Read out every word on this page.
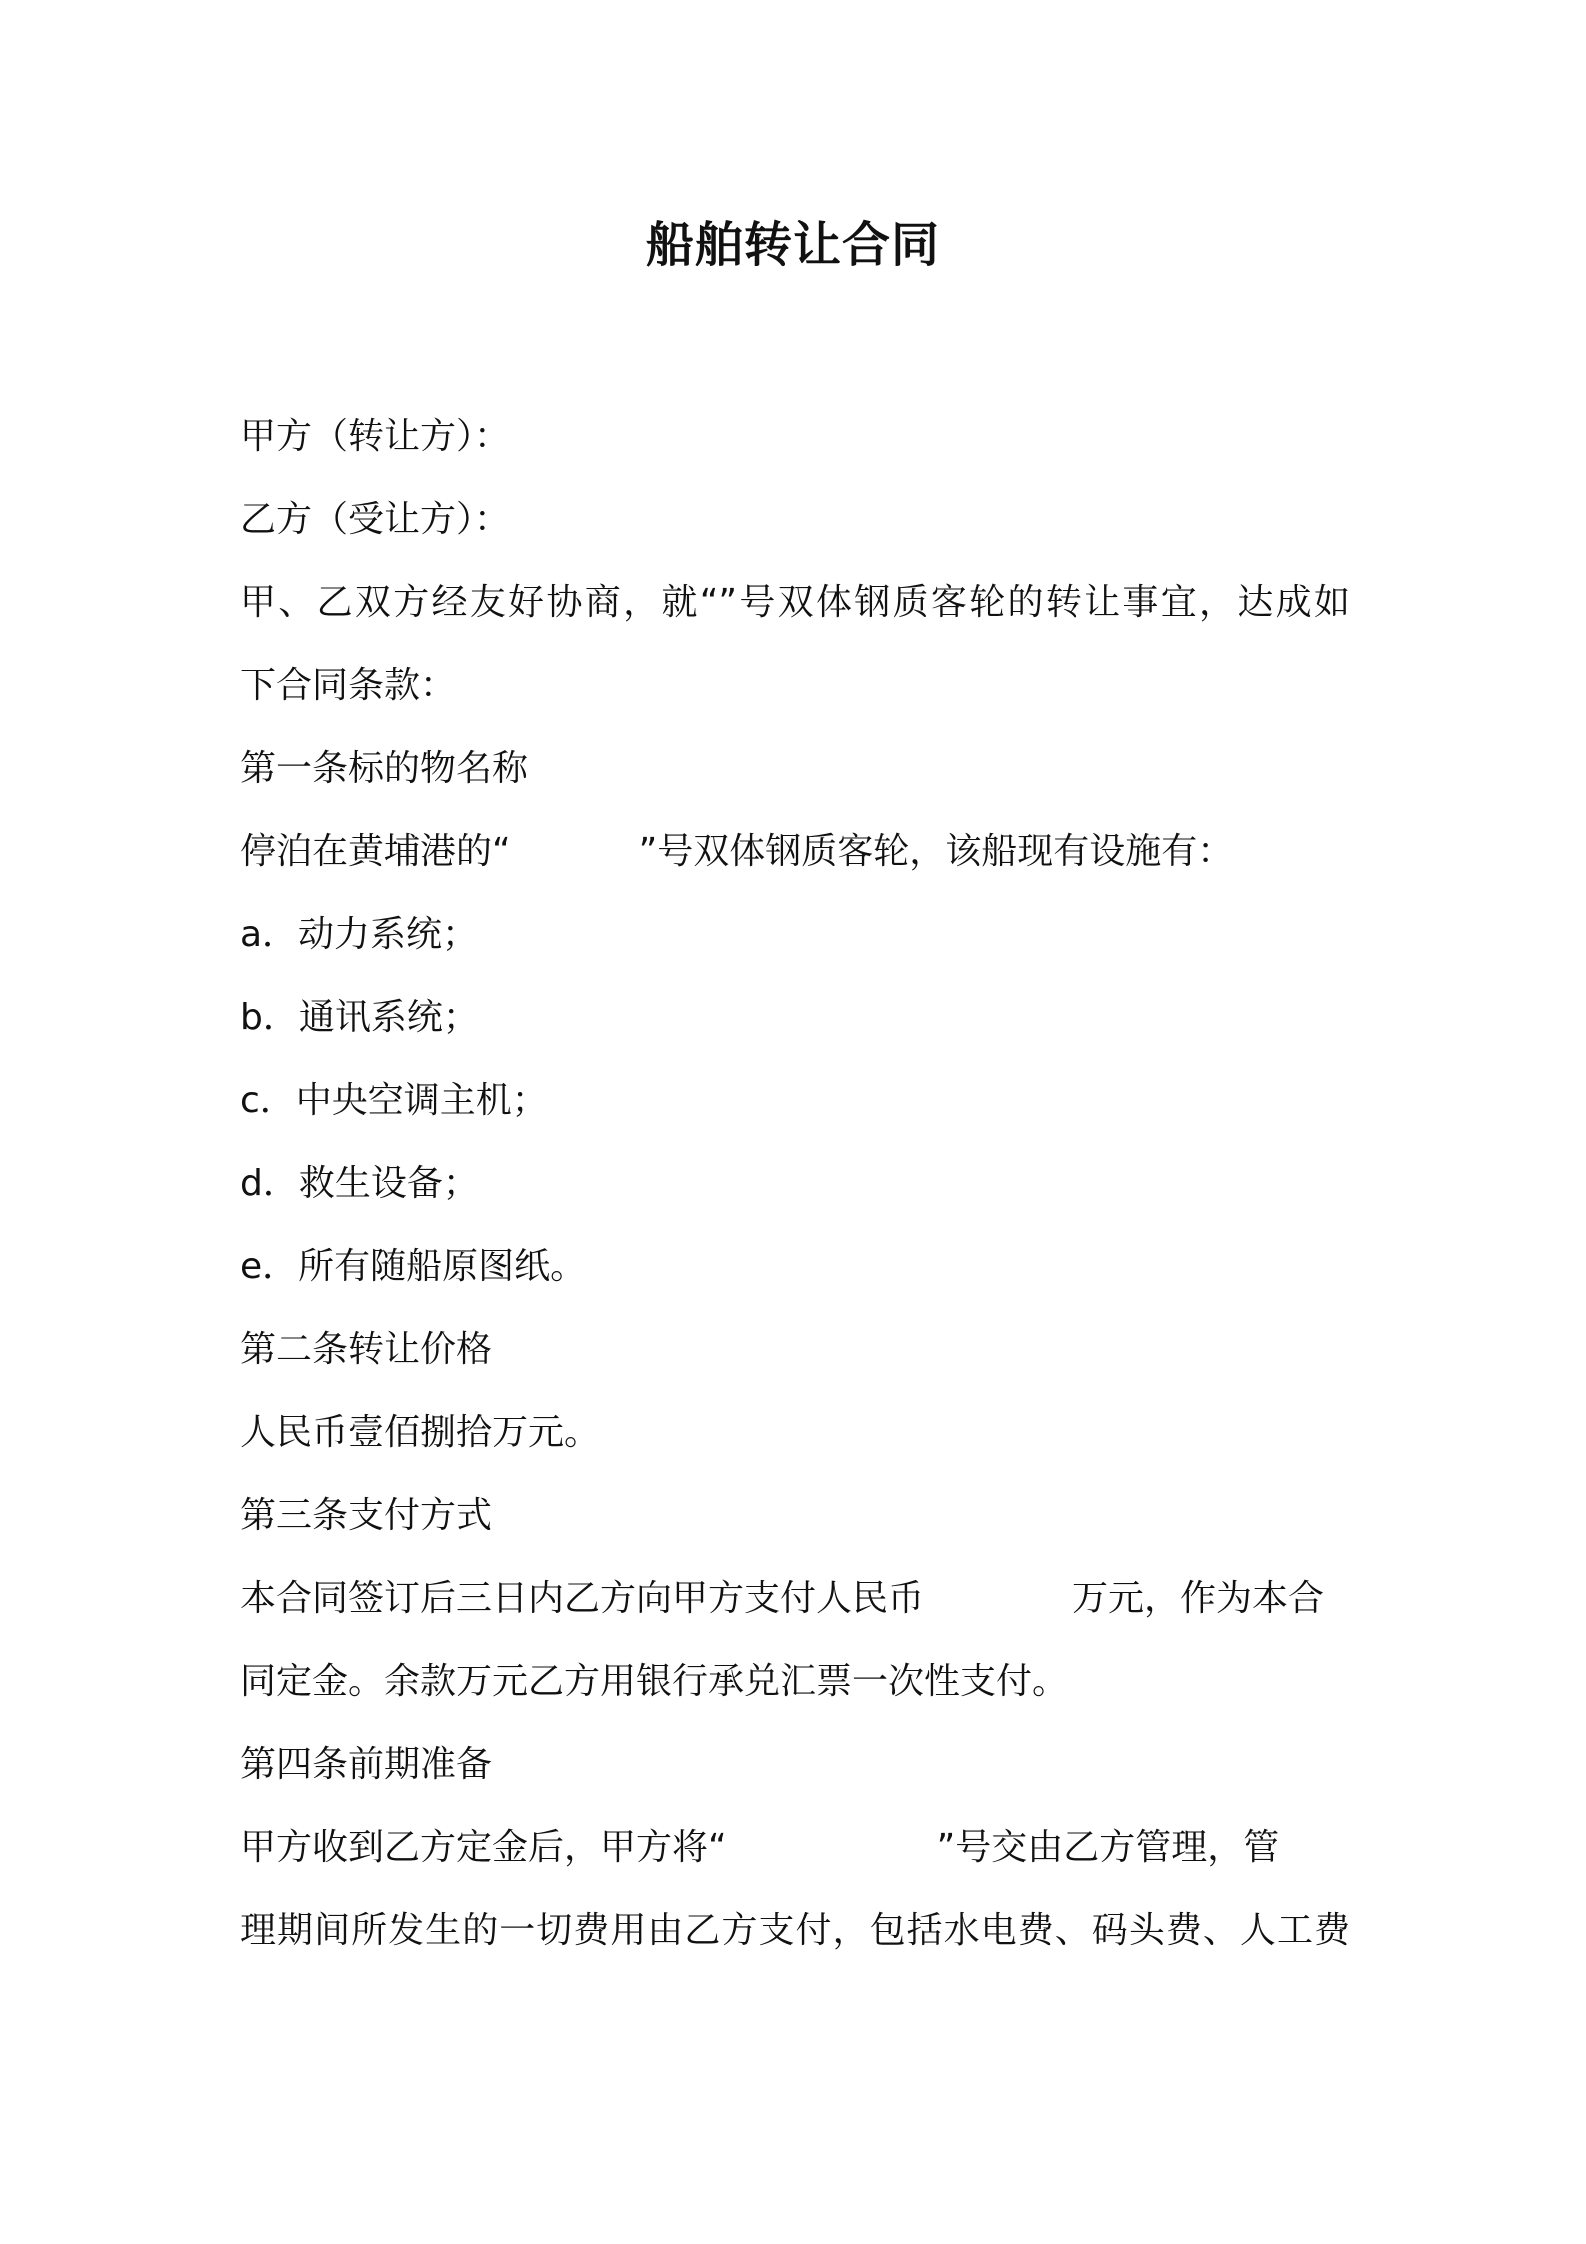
船舶转让合同
甲方（转让方）：
乙方（受让方）：
甲、乙双方经友好协商，就“”号双体钢质客轮的转让事宜，达成如
下合同条款：
第一条标的物名称
停泊在黄埔港的“	”号双体钢质客轮，该船现有设施有：
a．动力系统；
b．通讯系统；
c．中央空调主机；
d．救生设备；
e．所有随船原图纸。
第二条转让价格
人民币壹佰捌拾万元。
第三条支付方式
本合同签订后三日内乙方向甲方支付人民币	万元，作为本合
同定金。余款万元乙方用银行承兑汇票一次性支付。
第四条前期准备
甲方收到乙方定金后，甲方将“	”号交由乙方管理，管
理期间所发生的一切费用由乙方支付，包括水电费、码头费、人工费
